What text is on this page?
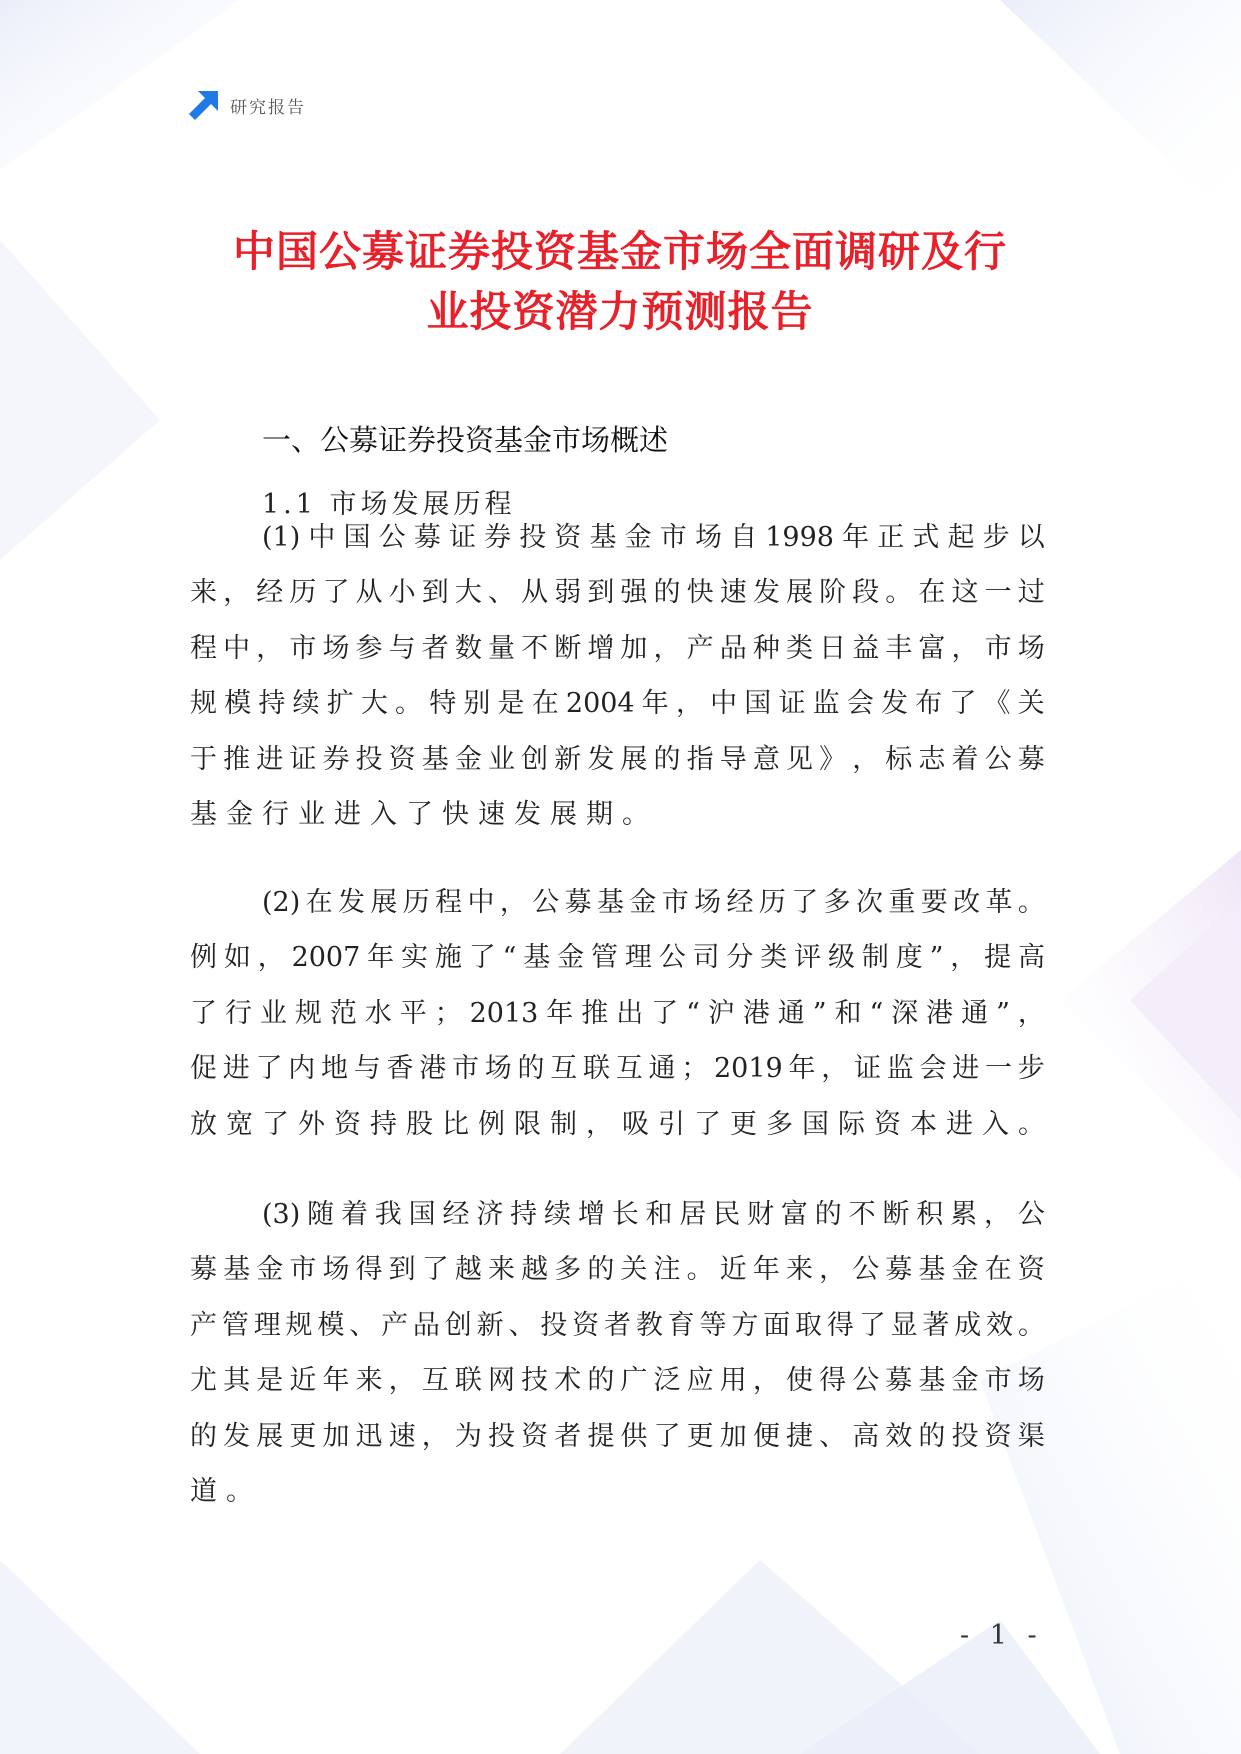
研究报告
中国公募证券投资基金市场全面调研及行
业投资潜力预测报告
一、公募证券投资基金市场概述
1.1 市场发展历程
(1) 中 国 公 募 证 券 投 资 基 金 市 场 自 1998 年 正 式 起 步 以
来 ， 经 历 了 从 小 到 大 、 从 弱 到 强 的 快 速 发 展 阶 段 。 在 这 一 过
程 中 ， 市 场 参 与 者 数 量 不 断 增 加 ， 产 品 种 类 日 益 丰 富 ， 市 场
规 模 持 续 扩 大 。 特 别 是 在 2004 年 ， 中 国 证 监 会 发 布 了 《 关
于 推 进 证 券 投 资 基 金 业 创 新 发 展 的 指 导 意 见 》 ， 标 志 着 公 募
基金行业进入了快速发展期。
(2) 在 发 展 历 程 中 ， 公 募 基 金 市 场 经 历 了 多 次 重 要 改 革 。
例 如 ， 2007 年 实 施 了 “ 基 金 管 理 公 司 分 类 评 级 制 度 ” ， 提 高
了 行 业 规 范 水 平 ； 2013 年 推 出 了 “ 沪 港 通 ” 和 “ 深 港 通 ” ，
促 进 了 内 地 与 香 港 市 场 的 互 联 互 通 ； 2019 年 ， 证 监 会 进 一 步
放宽了外资持股比例限制，吸引了更多国际资本进入。
(3) 随 着 我 国 经 济 持 续 增 长 和 居 民 财 富 的 不 断 积 累 ， 公
募 基 金 市 场 得 到 了 越 来 越 多 的 关 注 。 近 年 来 ， 公 募 基 金 在 资
产 管 理 规 模 、 产 品 创 新 、 投 资 者 教 育 等 方 面 取 得 了 显 著 成 效 。
尤 其 是 近 年 来 ， 互 联 网 技 术 的 广 泛 应 用 ， 使 得 公 募 基 金 市 场
的 发 展 更 加 迅 速 ， 为 投 资 者 提 供 了 更 加 便 捷 、 高 效 的 投 资 渠
道。
- 1 -
